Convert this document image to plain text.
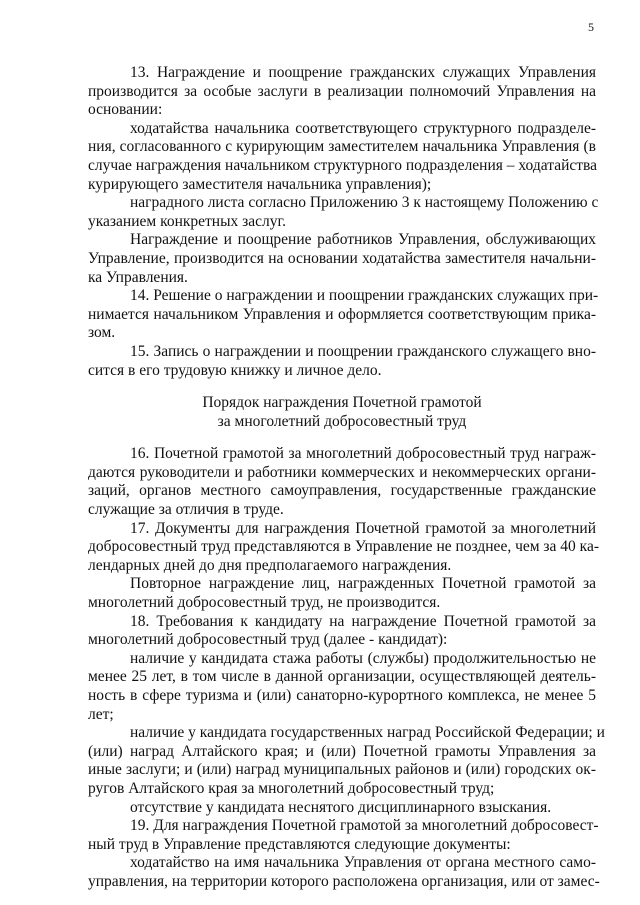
5
13. Награждение и поощрение гражданских служащих Управления
производится за особые заслуги в реализации полномочий Управления на
основании:
ходатайства начальника соответствующего структурного подразделе-
ния, согласованного с курирующим заместителем начальника Управления (в
случае награждения начальником структурного подразделения – ходатайства
курирующего заместителя начальника управления);
наградного листа согласно Приложению 3 к настоящему Положению с
указанием конкретных заслуг.
Награждение и поощрение работников Управления, обслуживающих
Управление, производится на основании ходатайства заместителя начальни-
ка Управления.
14. Решение о награждении и поощрении гражданских служащих при-
нимается начальником Управления и оформляется соответствующим прика-
зом.
15. Запись о награждении и поощрении гражданского служащего вно-
сится в его трудовую книжку и личное дело.
Порядок награждения Почетной грамотой
за многолетний добросовестный труд
16. Почетной грамотой за многолетний добросовестный труд награж-
даются руководители и работники коммерческих и некоммерческих органи-
заций, органов местного самоуправления, государственные гражданские
служащие за отличия в труде.
17. Документы для награждения Почетной грамотой за многолетний
добросовестный труд представляются в Управление не позднее, чем за 40 ка-
лендарных дней до дня предполагаемого награждения.
Повторное награждение лиц, награжденных Почетной грамотой за
многолетний добросовестный труд, не производится.
18. Требования к кандидату на награждение Почетной грамотой за
многолетний добросовестный труд (далее - кандидат):
наличие у кандидата стажа работы (службы) продолжительностью не
менее 25 лет, в том числе в данной организации, осуществляющей деятель-
ность в сфере туризма и (или) санаторно-курортного комплекса, не менее 5
лет;
наличие у кандидата государственных наград Российской Федерации; и
(или) наград Алтайского края; и (или) Почетной грамоты Управления за
иные заслуги; и (или) наград муниципальных районов и (или) городских ок-
ругов Алтайского края за многолетний добросовестный труд;
отсутствие у кандидата неснятого дисциплинарного взыскания.
19. Для награждения Почетной грамотой за многолетний добросовест-
ный труд в Управление представляются следующие документы:
ходатайство на имя начальника Управления от органа местного само-
управления, на территории которого расположена организация, или от замес-
